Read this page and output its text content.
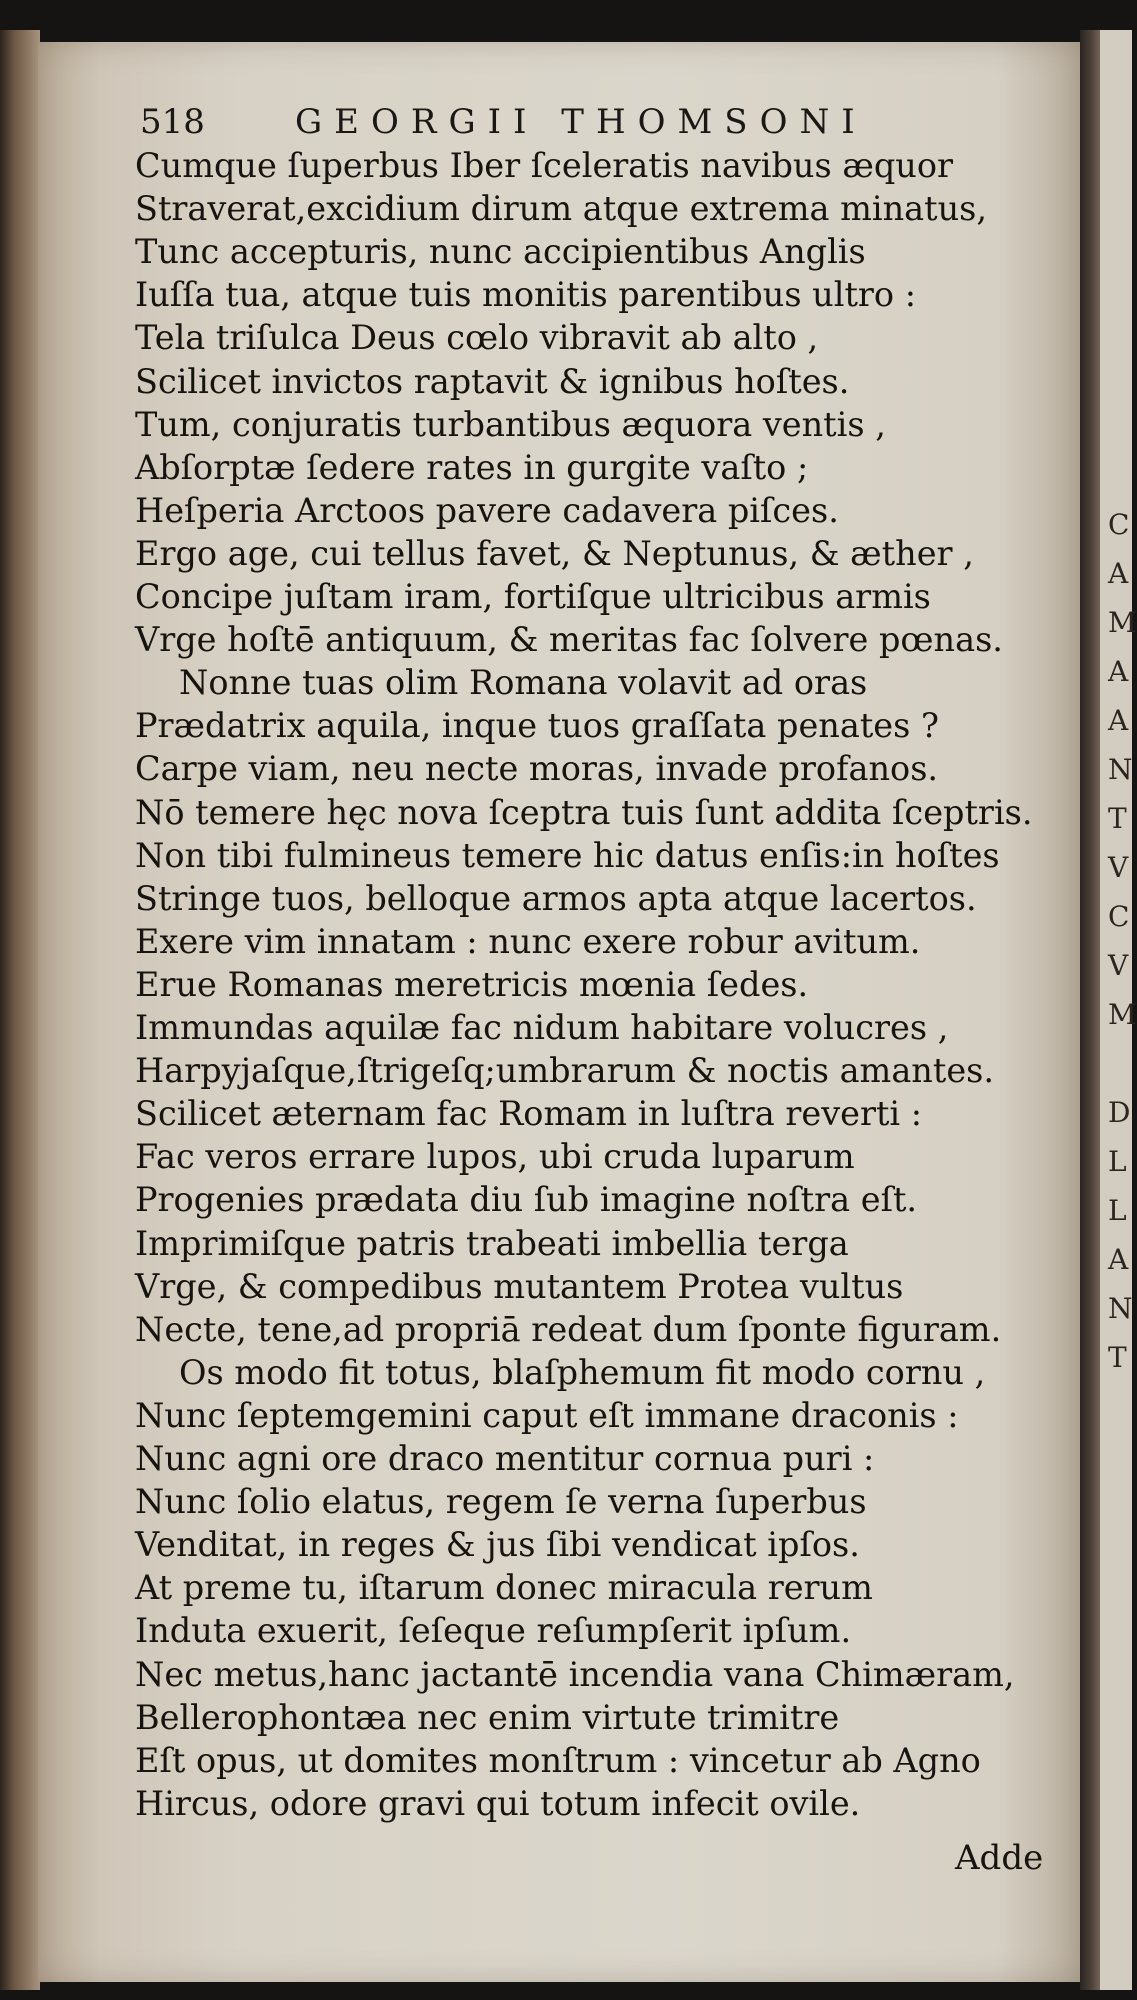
518	GEORGII THOMSONI
Cumque ſuperbus Iber ſceleratis navibus æquor
Straverat,excidium dirum atque extrema minatus,
Tunc accepturis, nunc accipientibus Anglis
Iuſſa tua, atque tuis monitis parentibus ultro :
Tela triſulca Deus cœlo vibravit ab alto ,
Scilicet invictos raptavit & ignibus hoſtes.
Tum, conjuratis turbantibus æquora ventis ,
Abſorptæ ſedere rates in gurgite vaſto ;
Heſperia Arctoos pavere cadavera piſces.
Ergo age, cui tellus favet, & Neptunus, & æther ,
Concipe juſtam iram, fortiſque ultricibus armis
Vrge hoſtē antiquum, & meritas fac ſolvere pœnas.
Nonne tuas olim Romana volavit ad oras
Prædatrix aquila, inque tuos graſſata penates ?
Carpe viam, neu necte moras, invade profanos.
Nō temere hęc nova ſceptra tuis ſunt addita ſceptris.
Non tibi fulmineus temere hic datus enſis:in hoſtes
Stringe tuos, belloque armos apta atque lacertos.
Exere vim innatam : nunc exere robur avitum.
Erue Romanas meretricis mœnia ſedes.
Immundas aquilæ fac nidum habitare volucres ,
Harpyjaſque,ſtrigeſq;umbrarum & noctis amantes.
Scilicet æternam fac Romam in luſtra reverti :
Fac veros errare lupos, ubi cruda luparum
Progenies prædata diu ſub imagine noſtra eſt.
Imprimiſque patris trabeati imbellia terga
Vrge, & compedibus mutantem Protea vultus
Necte, tene,ad propriā redeat dum ſponte figuram.
Os modo fit totus, blaſphemum fit modo cornu ,
Nunc ſeptemgemini caput eſt immane draconis :
Nunc agni ore draco mentitur cornua puri :
Nunc ſolio elatus, regem ſe verna ſuperbus
Venditat, in reges & jus ſibi vendicat ipſos.
At preme tu, iſtarum donec miracula rerum
Induta exuerit, ſeſeque reſumpſerit ipſum.
Nec metus,hanc jactantē incendia vana Chimæram,
Bellerophontæa nec enim virtute trimitre
Eſt opus, ut domites monſtrum : vincetur ab Agno
Hircus, odore gravi qui totum infecit ovile.
Adde
C
A
M
A
A
N
T
V
C
V
M
D
L
L
A
N
T
